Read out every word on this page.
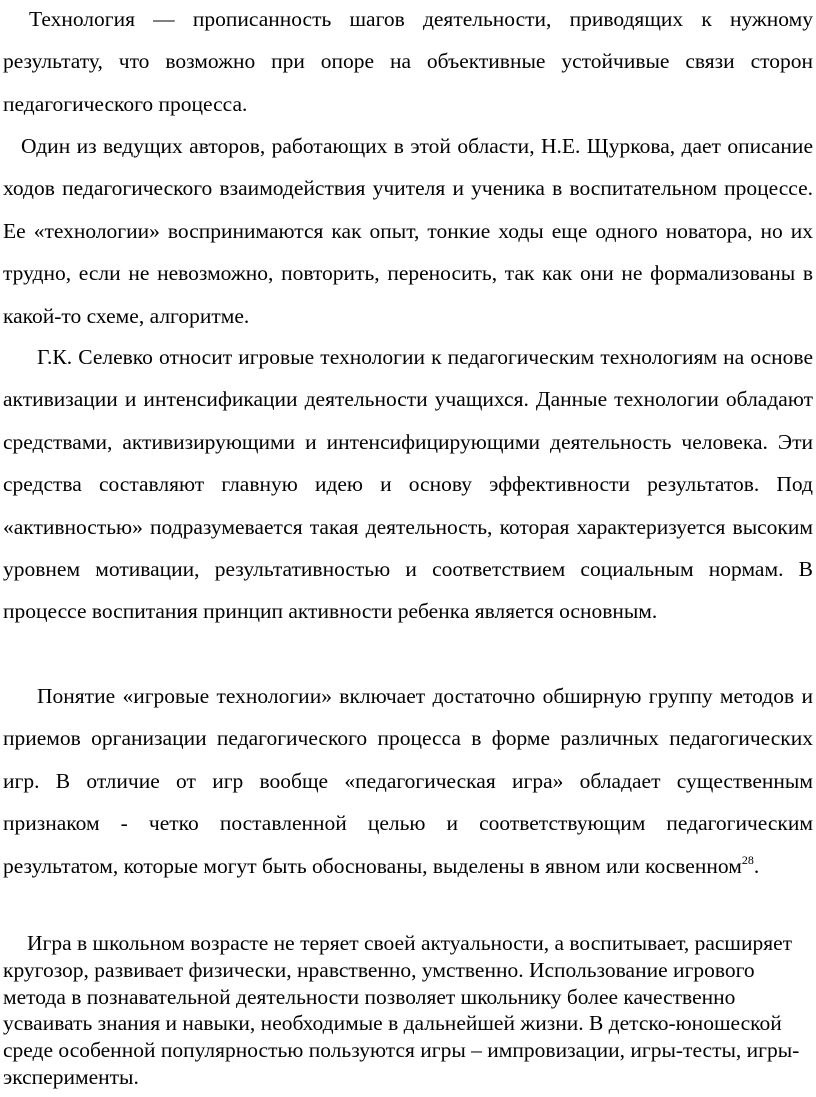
Технология — прописанность шагов деятельности, приводящих к нужному результату, что возможно при опоре на объективные устойчивые связи сторон педагогического процесса.

Один из ведущих авторов, работающих в этой области, Н.Е. Щуркова, дает описание ходов педагогического взаимодействия учителя и ученика в воспитательном процессе. Ее «технологии» воспринимаются как опыт, тонкие ходы еще одного новатора, но их трудно, если не невозможно, повторить, переносить, так как они не формализованы в какой-то схеме, алгоритме.

Г.К. Селевко относит игровые технологии к педагогическим технологиям на основе активизации и интенсификации деятельности учащихся. Данные технологии обладают средствами, активизирующими и интенсифицирующими деятельность человека. Эти средства составляют главную идею и основу эффективности результатов. Под «активностью» подразумевается такая деятельность, которая характеризуется высоким уровнем мотивации, результативностью и соответствием социальным нормам. В процессе воспитания принцип активности ребенка является основным.

Понятие «игровые технологии» включает достаточно обширную группу методов и приемов организации педагогического процесса в форме различных педагогических игр. В отличие от игр вообще «педагогическая игра» обладает существенным признаком - четко поставленной целью и соответствующим педагогическим результатом, которые могут быть обоснованы, выделены в явном или косвенном$^{28}$.

Игра в школьном возрасте не теряет своей актуальности, а воспитывает, расширяет кругозор, развивает физически, нравственно, умственно. Использование игрового метода в познавательной деятельности позволяет школьнику более качественно усваивать знания и навыки, необходимые в дальнейшей жизни. В детско-юношеской среде особенной популярностью пользуются игры – импровизации, игры-тесты, игры-эксперименты.
